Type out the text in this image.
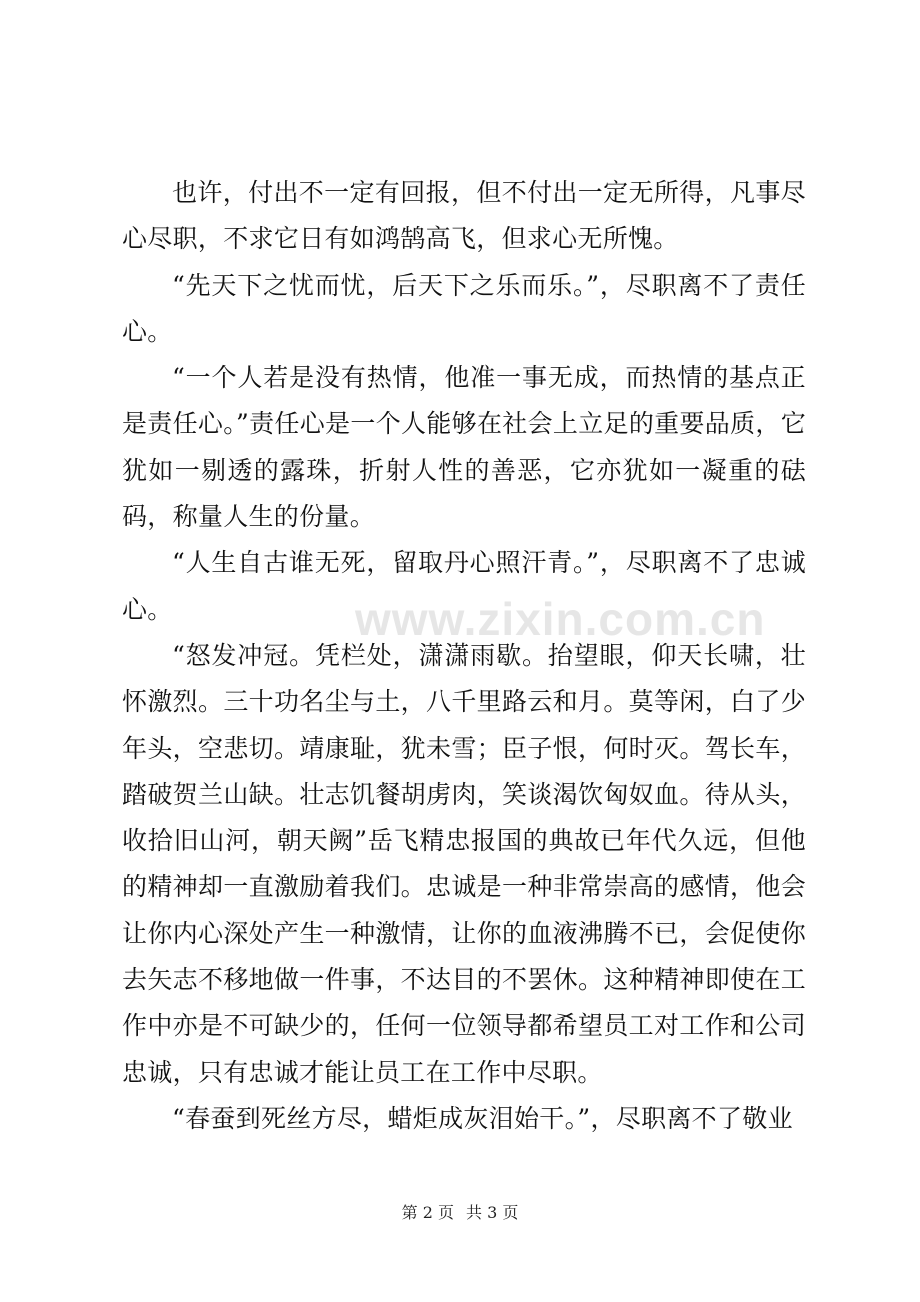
www.zixin.com.cn

也许，付出不一定有回报，但不付出一定无所得，凡事尽心尽职，不求它日有如鸿鹄高飞，但求心无所愧。

“先天下之忧而忧，后天下之乐而乐。”，尽职离不了责任心。

“一个人若是没有热情，他准一事无成，而热情的基点正是责任心。”责任心是一个人能够在社会上立足的重要品质，它犹如一剔透的露珠，折射人性的善恶，它亦犹如一凝重的砝码，称量人生的份量。

“人生自古谁无死，留取丹心照汗青。”，尽职离不了忠诚心。

“怒发冲冠。凭栏处，潇潇雨歇。抬望眼，仰天长啸，壮怀激烈。三十功名尘与土，八千里路云和月。莫等闲，白了少年头，空悲切。靖康耻，犹未雪；臣子恨，何时灭。驾长车，踏破贺兰山缺。壮志饥餐胡虏肉，笑谈渴饮匈奴血。待从头，收拾旧山河，朝天阙”岳飞精忠报国的典故已年代久远，但他的精神却一直激励着我们。忠诚是一种非常崇高的感情，他会让你内心深处产生一种激情，让你的血液沸腾不已，会促使你去矢志不移地做一件事，不达目的不罢休。这种精神即使在工作中亦是不可缺少的，任何一位领导都希望员工对工作和公司忠诚，只有忠诚才能让员工在工作中尽职。

“春蚕到死丝方尽，蜡炬成灰泪始干。”，尽职离不了敬业

第 2 页 共 3 页
